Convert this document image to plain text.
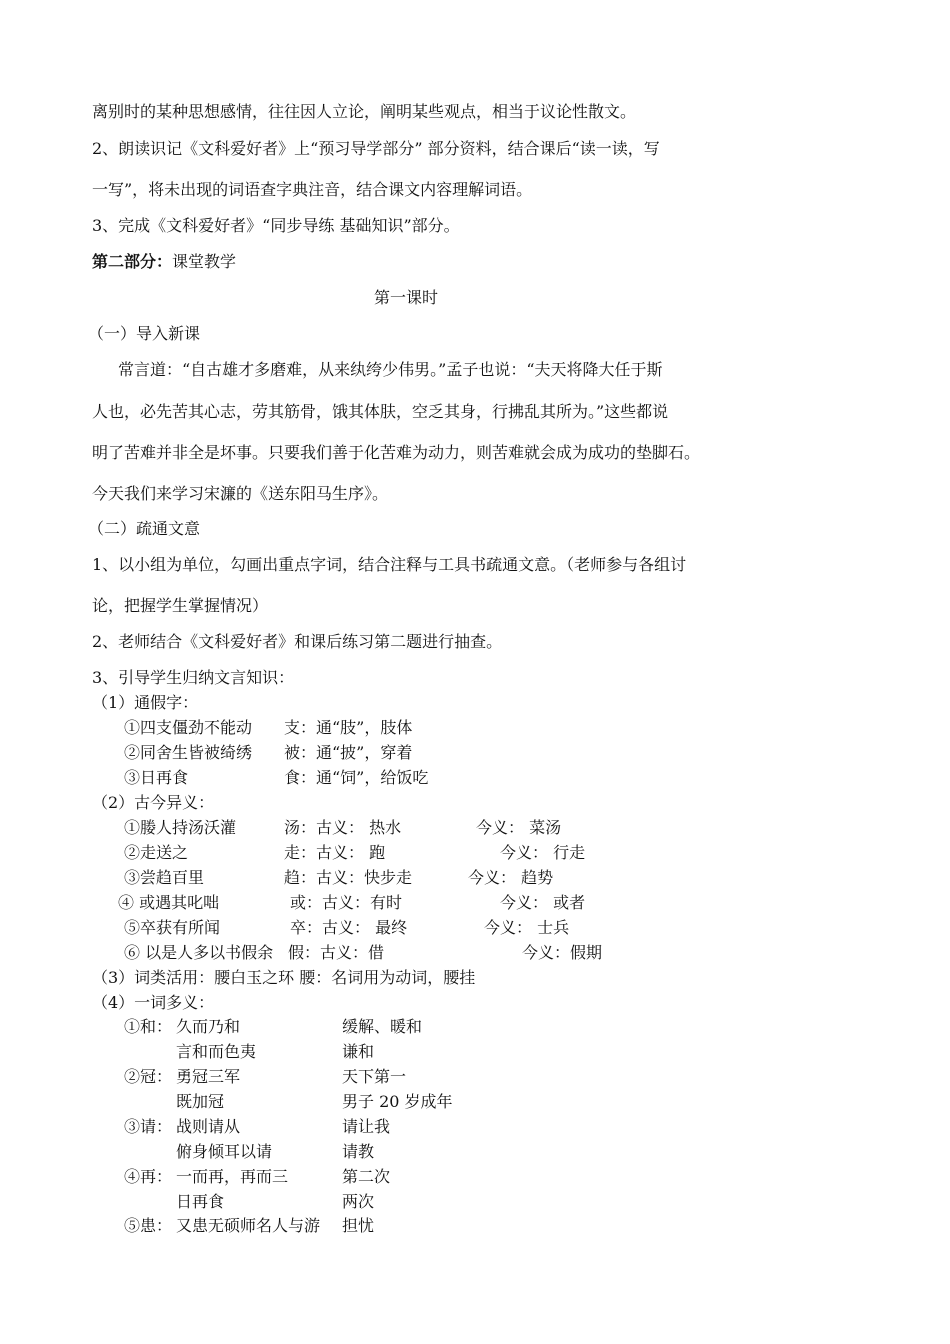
离别时的某种思想感情，往往因人立论，阐明某些观点，相当于议论性散文。
2、朗读识记《文科爱好者》上“预习导学部分” 部分资料，结合课后“读一读，写
一写”，将未出现的词语查字典注音，结合课文内容理解词语。
3、完成《文科爱好者》“同步导练 基础知识”部分。
第二部分：课堂教学
第一课时
（一）导入新课
常言道：“自古雄才多磨难，从来纨绔少伟男。”孟子也说：“夫天将降大任于斯
人也，必先苦其心志，劳其筋骨，饿其体肤，空乏其身，行拂乱其所为。”这些都说
明了苦难并非全是坏事。只要我们善于化苦难为动力，则苦难就会成为成功的垫脚石。
今天我们来学习宋濂的《送东阳马生序》。
（二）疏通文意
1、以小组为单位，勾画出重点字词，结合注释与工具书疏通文意。（老师参与各组讨
论，把握学生掌握情况）
2、老师结合《文科爱好者》和课后练习第二题进行抽查。
3、引导学生归纳文言知识：
（1）通假字：
①四支僵劲不能动 支：通“肢”，肢体
②同舍生皆被绮绣 被：通“披”，穿着
③日再食	食：通“饲”，给饭吃
（2）古今异义：
①媵人持汤沃灌	汤：古义： 热水	今义： 菜汤
②走送之	走：古义： 跑	今义： 行走
③尝趋百里	趋：古义：快步走	今义： 趋势
④ 或遇其叱咄	或：古义：有时	今义： 或者
⑤卒获有所闻	卒：古义： 最终	今义： 士兵
⑥ 以是人多以书假余 假：古义：借	今义：假期
（3）词类活用：腰白玉之环 腰：名词用为动词，腰挂
（4）一词多义：
①和： 久而乃和	缓解、暖和
言和而色夷	谦和
②冠： 勇冠三军	天下第一
既加冠	男子 20 岁成年
③请： 战则请从	请让我
俯身倾耳以请	请教
④再： 一而再，再而三	第二次
日再食	两次
⑤患： 又患无硕师名人与游 担忧
